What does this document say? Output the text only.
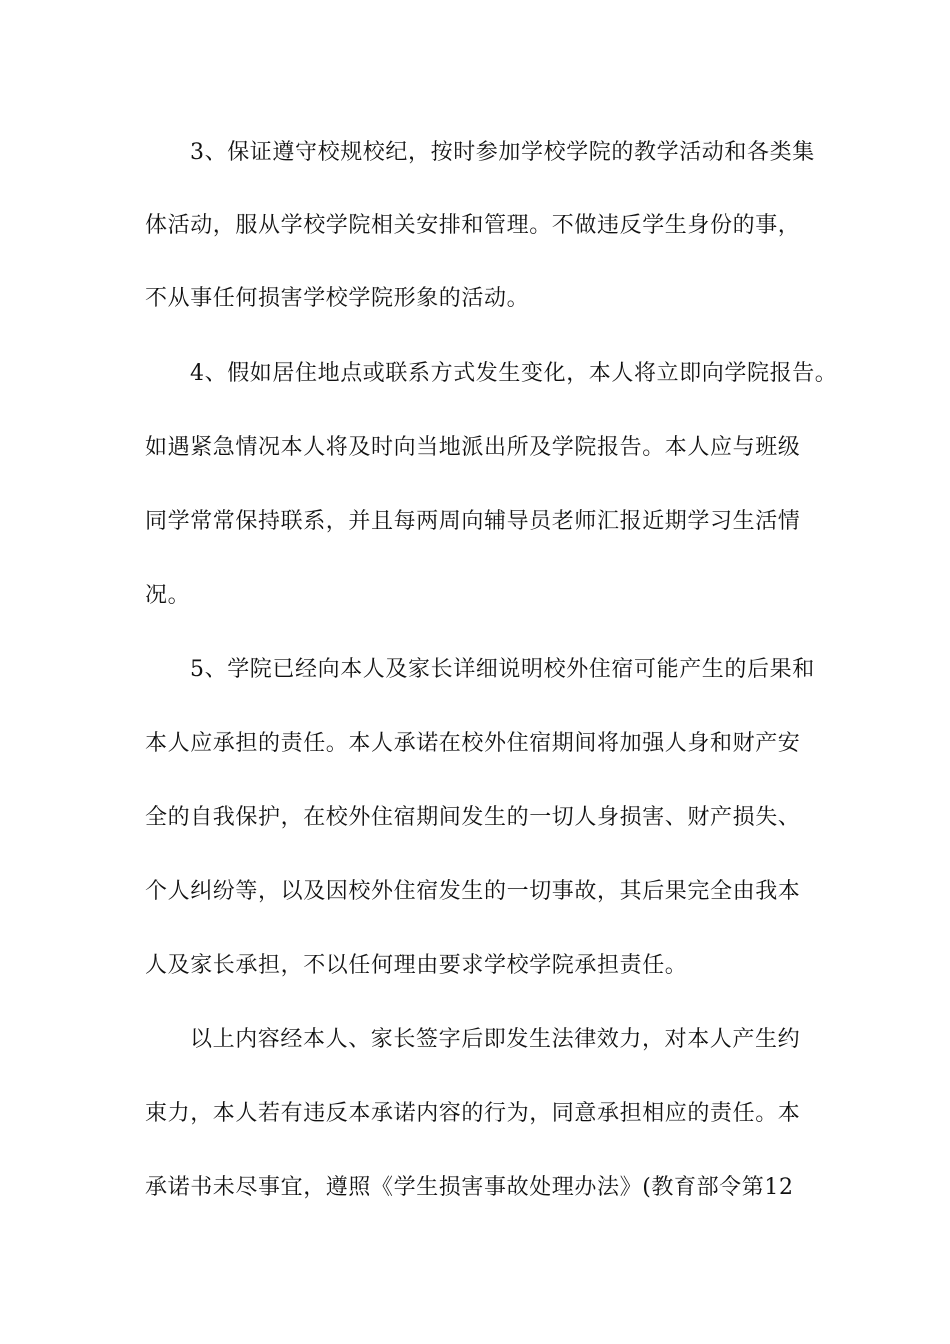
3、保证遵守校规校纪，按时参加学校学院的教学活动和各类集
体活动，服从学校学院相关安排和管理。不做违反学生身份的事，
不从事任何损害学校学院形象的活动。
4、假如居住地点或联系方式发生变化，本人将立即向学院报告。
如遇紧急情况本人将及时向当地派出所及学院报告。本人应与班级
同学常常保持联系，并且每两周向辅导员老师汇报近期学习生活情
况。
5、学院已经向本人及家长详细说明校外住宿可能产生的后果和
本人应承担的责任。本人承诺在校外住宿期间将加强人身和财产安
全的自我保护，在校外住宿期间发生的一切人身损害、财产损失、
个人纠纷等，以及因校外住宿发生的一切事故，其后果完全由我本
人及家长承担，不以任何理由要求学校学院承担责任。
以上内容经本人、家长签字后即发生法律效力，对本人产生约
束力，本人若有违反本承诺内容的行为，同意承担相应的责任。本
承诺书未尽事宜，遵照《学生损害事故处理办法》(教育部令第12
